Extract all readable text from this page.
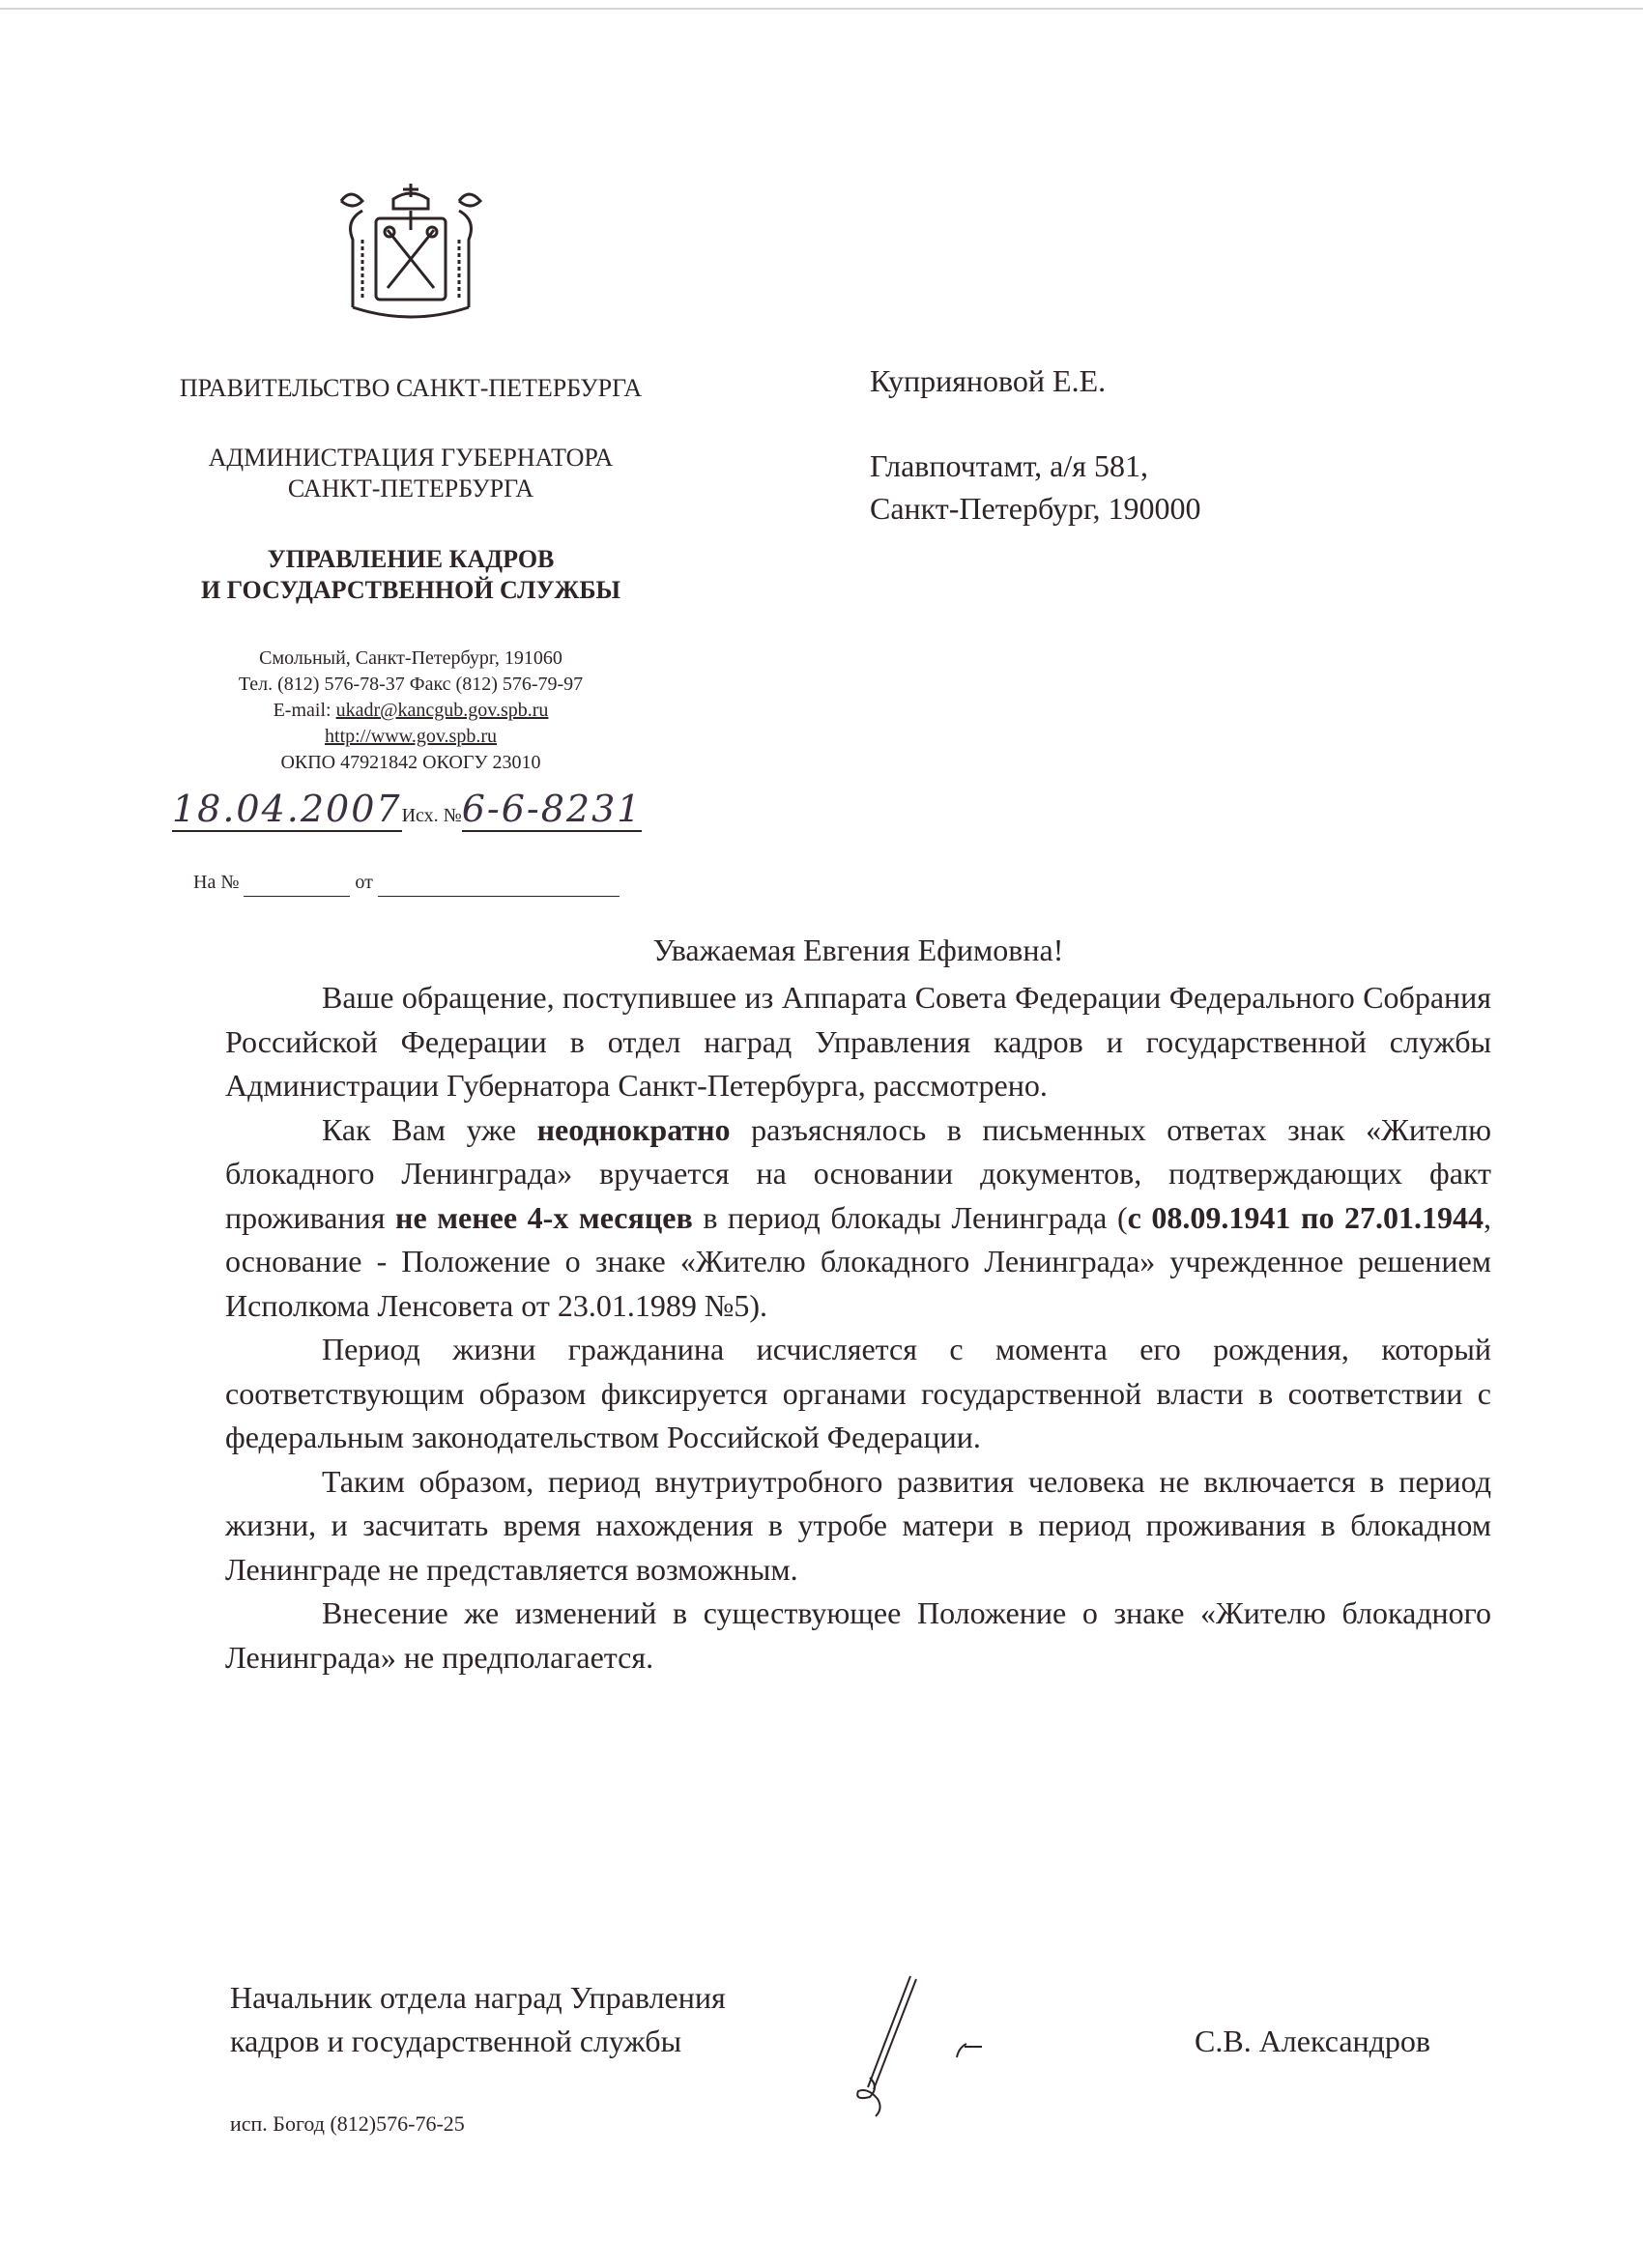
ПРАВИТЕЛЬСТВО САНКТ-ПЕТЕРБУРГА
АДМИНИСТРАЦИЯ ГУБЕРНАТОРА
САНКТ-ПЕТЕРБУРГА
УПРАВЛЕНИЕ КАДРОВ
И ГОСУДАРСТВЕННОЙ СЛУЖБЫ
Смольный, Санкт-Петербург, 191060
Тел. (812) 576-78-37 Факс (812) 576-79-97
E-mail: ukadr@kancgub.gov.spb.ru
http://www.gov.spb.ru
ОКПО 47921842 ОКОГУ 23010
18.04.2007Исх. №6-6-8231
На №	от
Куприяновой Е.Е.
Главпочтамт, а/я 581,
Санкт-Петербург, 190000
Уважаемая Евгения Ефимовна!

Ваше обращение, поступившее из Аппарата Совета Федерации Федерального Собрания Российской Федерации в отдел наград Управления кадров и государственной службы Администрации Губернатора Санкт-Петербурга, рассмотрено.

Как Вам уже неоднократно разъяснялось в письменных ответах знак «Жителю блокадного Ленинграда» вручается на основании документов, подтверждающих факт проживания не менее 4-х месяцев в период блокады Ленинграда (с 08.09.1941 по 27.01.1944, основание - Положение о знаке «Жителю блокадного Ленинграда» учрежденное решением Исполкома Ленсовета от 23.01.1989 №5).

Период жизни гражданина исчисляется с момента его рождения, который соответствующим образом фиксируется органами государственной власти в соответствии с федеральным законодательством Российской Федерации.

Таким образом, период внутриутробного развития человека не включается в период жизни, и засчитать время нахождения в утробе матери в период проживания в блокадном Ленинграде не представляется возможным.

Внесение же изменений в существующее Положение о знаке «Жителю блокадного Ленинграда» не предполагается.

Начальник отдела наград Управления
кадров и государственной службы	С.В. Александров
исп. Богод (812)576-76-25
